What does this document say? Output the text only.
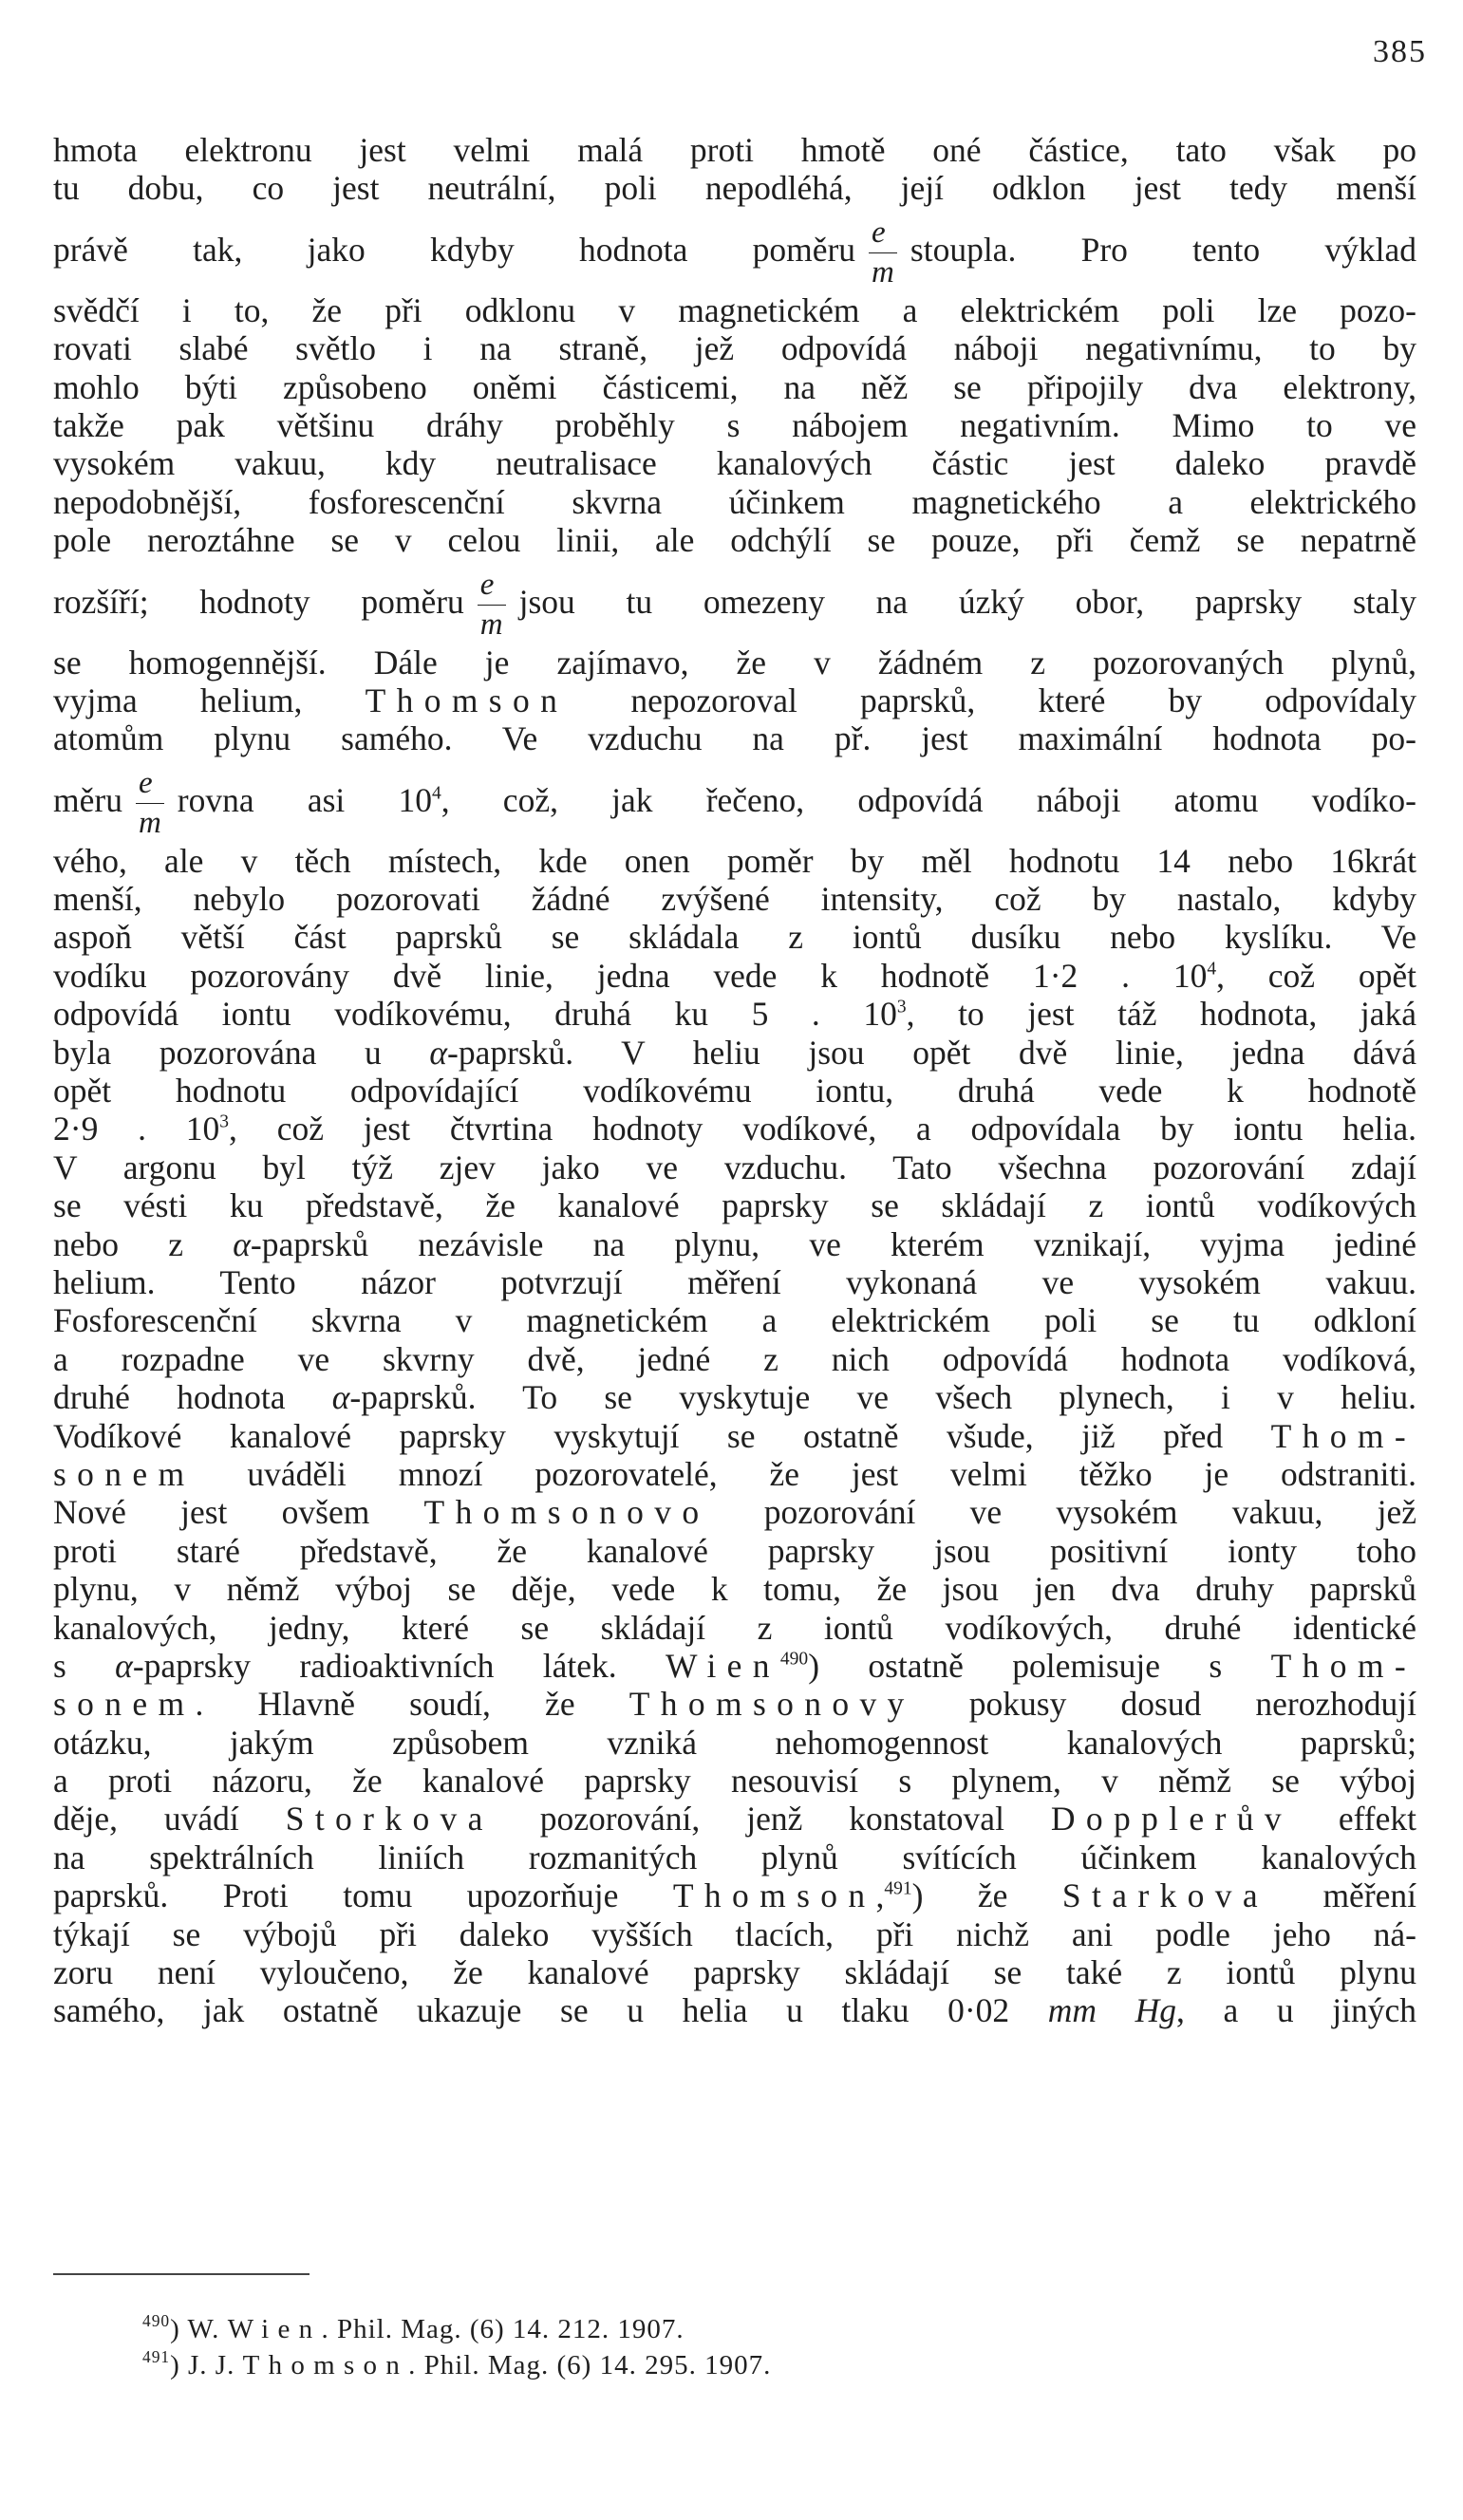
385
hmota elektronu jest velmi malá proti hmotě oné částice, tato však po
tu dobu, co jest neutrální, poli nepodléhá, její odklon jest tedy menší
právě tak, jako kdyby hodnota poměru $\frac{e}{m}$ stoupla. Pro tento výklad
svědčí i to, že při odklonu v magnetickém a elektrickém poli lze pozo-
rovati slabé světlo i na straně, jež odpovídá náboji negativnímu, to by
mohlo býti způsobeno oněmi částicemi, na něž se připojily dva elektrony,
takže pak většinu dráhy proběhly s nábojem negativním. Mimo to ve
vysokém vakuu, kdy neutralisace kanalových částic jest daleko pravdě
nepodobnější, fosforescenční skvrna účinkem magnetického a elektrického
pole neroztáhne se v celou linii, ale odchýlí se pouze, při čemž se nepatrně
rozšíří; hodnoty poměru $\frac{e}{m}$ jsou tu omezeny na úzký obor, paprsky staly
se homogennější. Dále je zajímavo, že v žádném z pozorovaných plynů,
vyjma helium, Thomson nepozoroval paprsků, které by odpovídaly
atomům plynu samého. Ve vzduchu na př. jest maximální hodnota po-
měru $\frac{e}{m}$ rovna asi $10^4$, což, jak řečeno, odpovídá náboji atomu vodíko-
vého, ale v těch místech, kde onen poměr by měl hodnotu 14 nebo 16krát
menší, nebylo pozorovati žádné zvýšené intensity, což by nastalo, kdyby
aspoň větší část paprsků se skládala z iontů dusíku nebo kyslíku. Ve
vodíku pozorovány dvě linie, jedna vede k hodnotě 1·2 . $10^4$, což opět
odpovídá iontu vodíkovému, druhá ku 5 . $10^3$, to jest táž hodnota, jaká
byla pozorována u α-paprsků. V heliu jsou opět dvě linie, jedna dává
opět hodnotu odpovídající vodíkovému iontu, druhá vede k hodnotě
2·9 . $10^3$, což jest čtvrtina hodnoty vodíkové, a odpovídala by iontu helia.
V argonu byl týž zjev jako ve vzduchu. Tato všechna pozorování zdají
se vésti ku představě, že kanalové paprsky se skládají z iontů vodíkových
nebo z α-paprsků nezávisle na plynu, ve kterém vznikají, vyjma jediné
helium. Tento názor potvrzují měření vykonaná ve vysokém vakuu.
Fosforescenční skvrna v magnetickém a elektrickém poli se tu odkloní
a rozpadne ve skvrny dvě, jedné z nich odpovídá hodnota vodíková,
druhé hodnota α-paprsků. To se vyskytuje ve všech plynech, i v heliu.
Vodíkové kanalové paprsky vyskytují se ostatně všude, již před Thom-
sonem uváděli mnozí pozorovatelé, že jest velmi těžko je odstraniti.
Nové jest ovšem Thomsonovo pozorování ve vysokém vakuu, jež
proti staré představě, že kanalové paprsky jsou positivní ionty toho
plynu, v němž výboj se děje, vede k tomu, že jsou jen dva druhy paprsků
kanalových, jedny, které se skládají z iontů vodíkových, druhé identické
s α-paprsky radioaktivních látek. Wien$^{490}$) ostatně polemisuje s Thom-
sonem. Hlavně soudí, že Thomsonovy pokusy dosud nerozhodují
otázku, jakým způsobem vzniká nehomogennost kanalových paprsků;
a proti názoru, že kanalové paprsky nesouvisí s plynem, v němž se výboj
děje, uvádí Storkova pozorování, jenž konstatoval Dopplerův effekt
na spektrálních liniích rozmanitých plynů svítících účinkem kanalových
paprsků. Proti tomu upozorňuje Thomson,$^{491}$) že Starkova měření
týkají se výbojů při daleko vyšších tlacích, při nichž ani podle jeho ná-
zoru není vyloučeno, že kanalové paprsky skládají se také z iontů plynu
samého, jak ostatně ukazuje se u helia u tlaku 0·02 mm Hg, a u jiných
$^{490}$) W. Wien. Phil. Mag. (6) 14. 212. 1907.
$^{491}$) J. J. Thomson. Phil. Mag. (6) 14. 295. 1907.
